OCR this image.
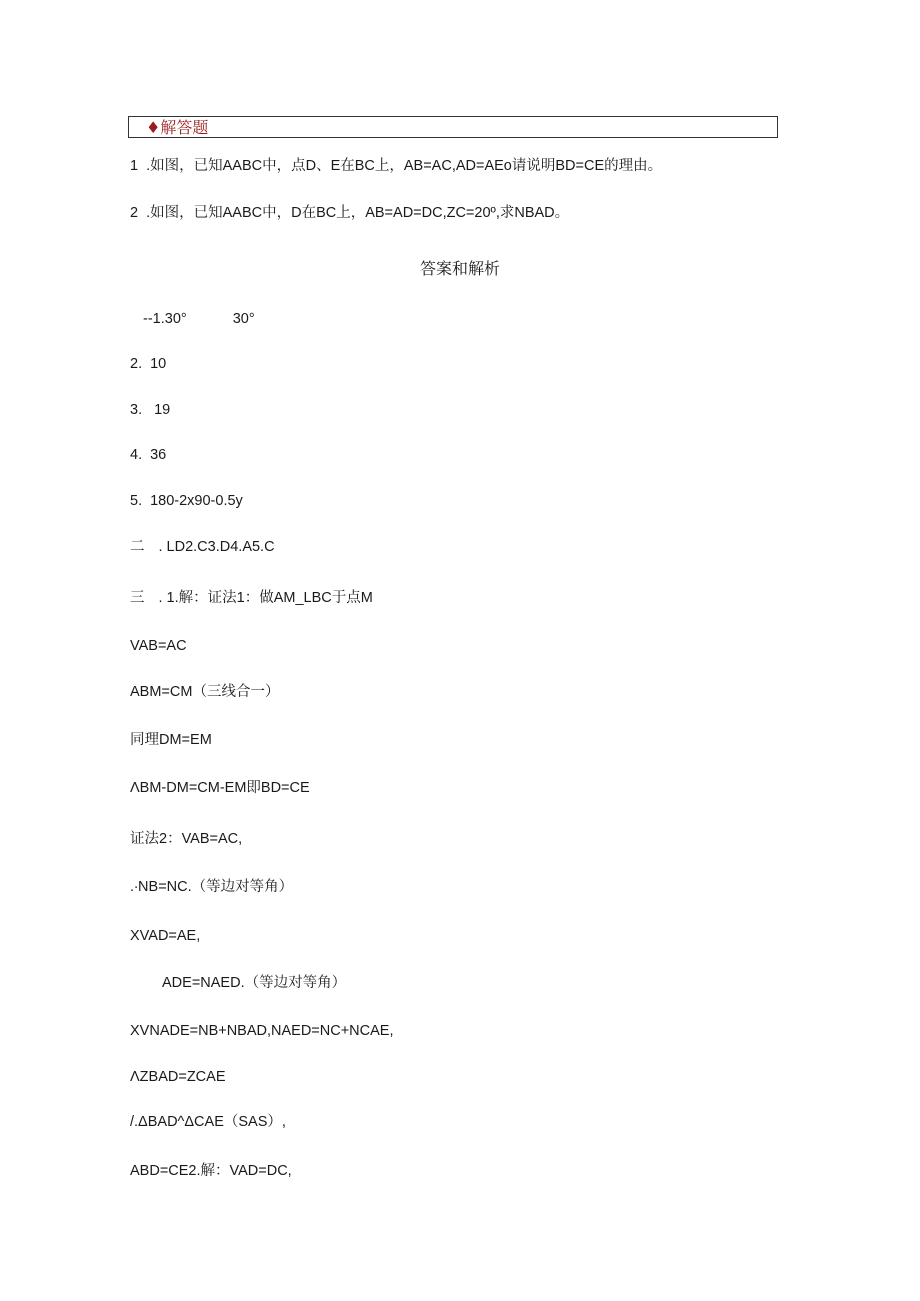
♦解答题
1 .如图，已知AABC中，点D、E在BC上，AB=AC,AD=AEo请说明BD=CE的理由。
2 .如图，已知AABC中，D在BC上，AB=AD=DC,ZC=20º,求NBAD。
答案和解析
--1.30°	30°
2. 10
3. 19
4. 36
5. 180-2x90-0.5y
二 . LD2.C3.D4.A5.C
三 . 1.解：证法1：做AM_LBC于点M
VAB=AC
ABM=CM（三线合一）
同理DM=EM
ΛBM-DM=CM-EM即BD=CE
证法2：VAB=AC,
.∙NB=NC.（等边对等角）
XVAD=AE,
ADE=NAED.（等边对等角）
XVNADE=NB+NBAD,NAED=NC+NCAE,
ΛZBAD=ZCAE
/.ΔBAD^ΔCAE（SAS）,
ABD=CE2.解：VAD=DC,
